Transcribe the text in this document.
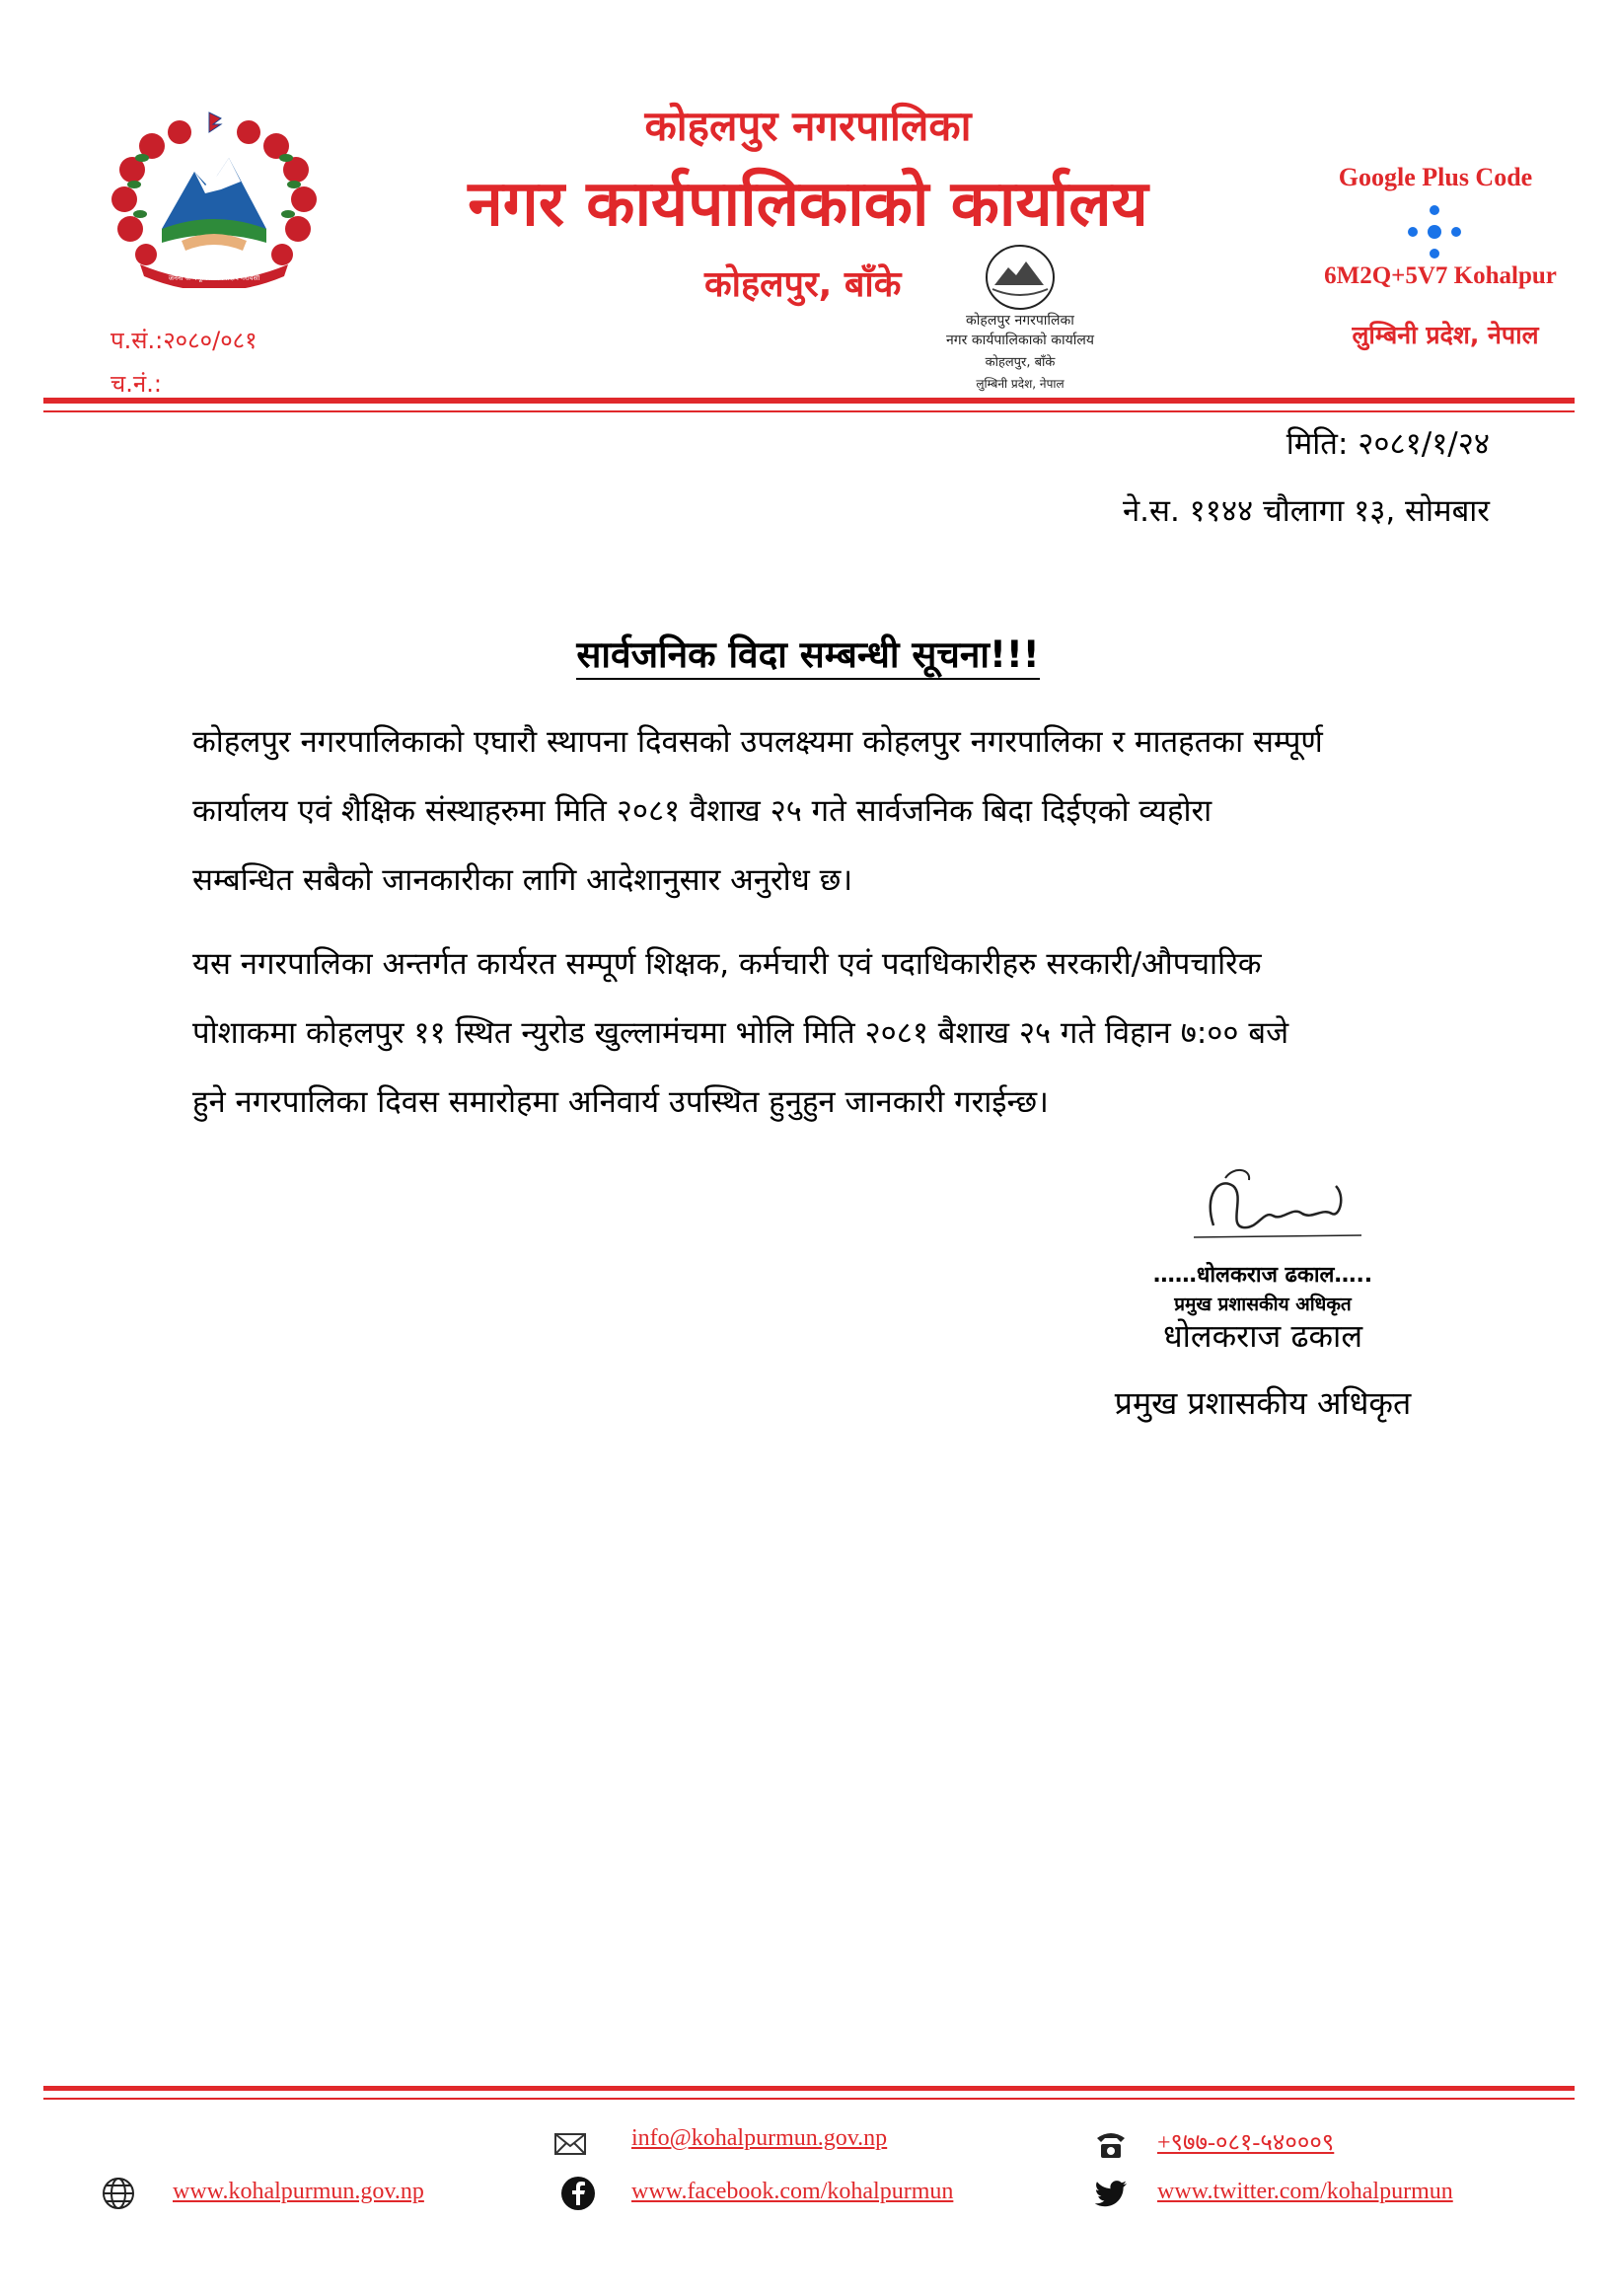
जननी जन्मभूमिश्च स्वर्गादपि गरीयसी
कोहलपुर नगरपालिका
नगर कार्यपालिकाको कार्यालय
कोहलपुर, बाँके
कोहलपुर नगरपालिका
नगर कार्यपालिकाको कार्यालय
कोहलपुर, बाँके
लुम्बिनी प्रदेश, नेपाल
Google Plus Code
6M2Q+5V7 Kohalpur
लुम्बिनी प्रदेश, नेपाल
प.सं.:२०८०/०८१
च.नं.:
मिति: २०८१/१/२४
ने.स. ११४४ चौलागा १३, सोमबार
सार्वजनिक विदा सम्बन्धी सूचना!!!
कोहलपुर नगरपालिकाको एघारौ स्थापना दिवसको उपलक्ष्यमा कोहलपुर नगरपालिका र मातहतका सम्पूर्ण
कार्यालय एवं शैक्षिक संस्थाहरुमा मिति २०८१ वैशाख २५ गते सार्वजनिक बिदा दिईएको व्यहोरा
सम्बन्धित सबैको जानकारीका लागि आदेशानुसार अनुरोध छ।
यस नगरपालिका अन्तर्गत कार्यरत सम्पूर्ण शिक्षक, कर्मचारी एवं पदाधिकारीहरु सरकारी/औपचारिक
पोशाकमा कोहलपुर ११ स्थित न्युरोड खुल्लामंचमा भोलि मिति २०८१ बैशाख २५ गते विहान ७:०० बजे
हुने नगरपालिका दिवस समारोहमा अनिवार्य उपस्थित हुनुहुन जानकारी गराईन्छ।
……धोलकराज ढकाल…..
प्रमुख प्रशासकीय अधिकृत
धोलकराज ढकाल
प्रमुख प्रशासकीय अधिकृत
info@kohalpurmun.gov.np	+९७७-०८१-५४०००९
www.kohalpurmun.gov.np	www.facebook.com/kohalpurmun	www.twitter.com/kohalpurmun
